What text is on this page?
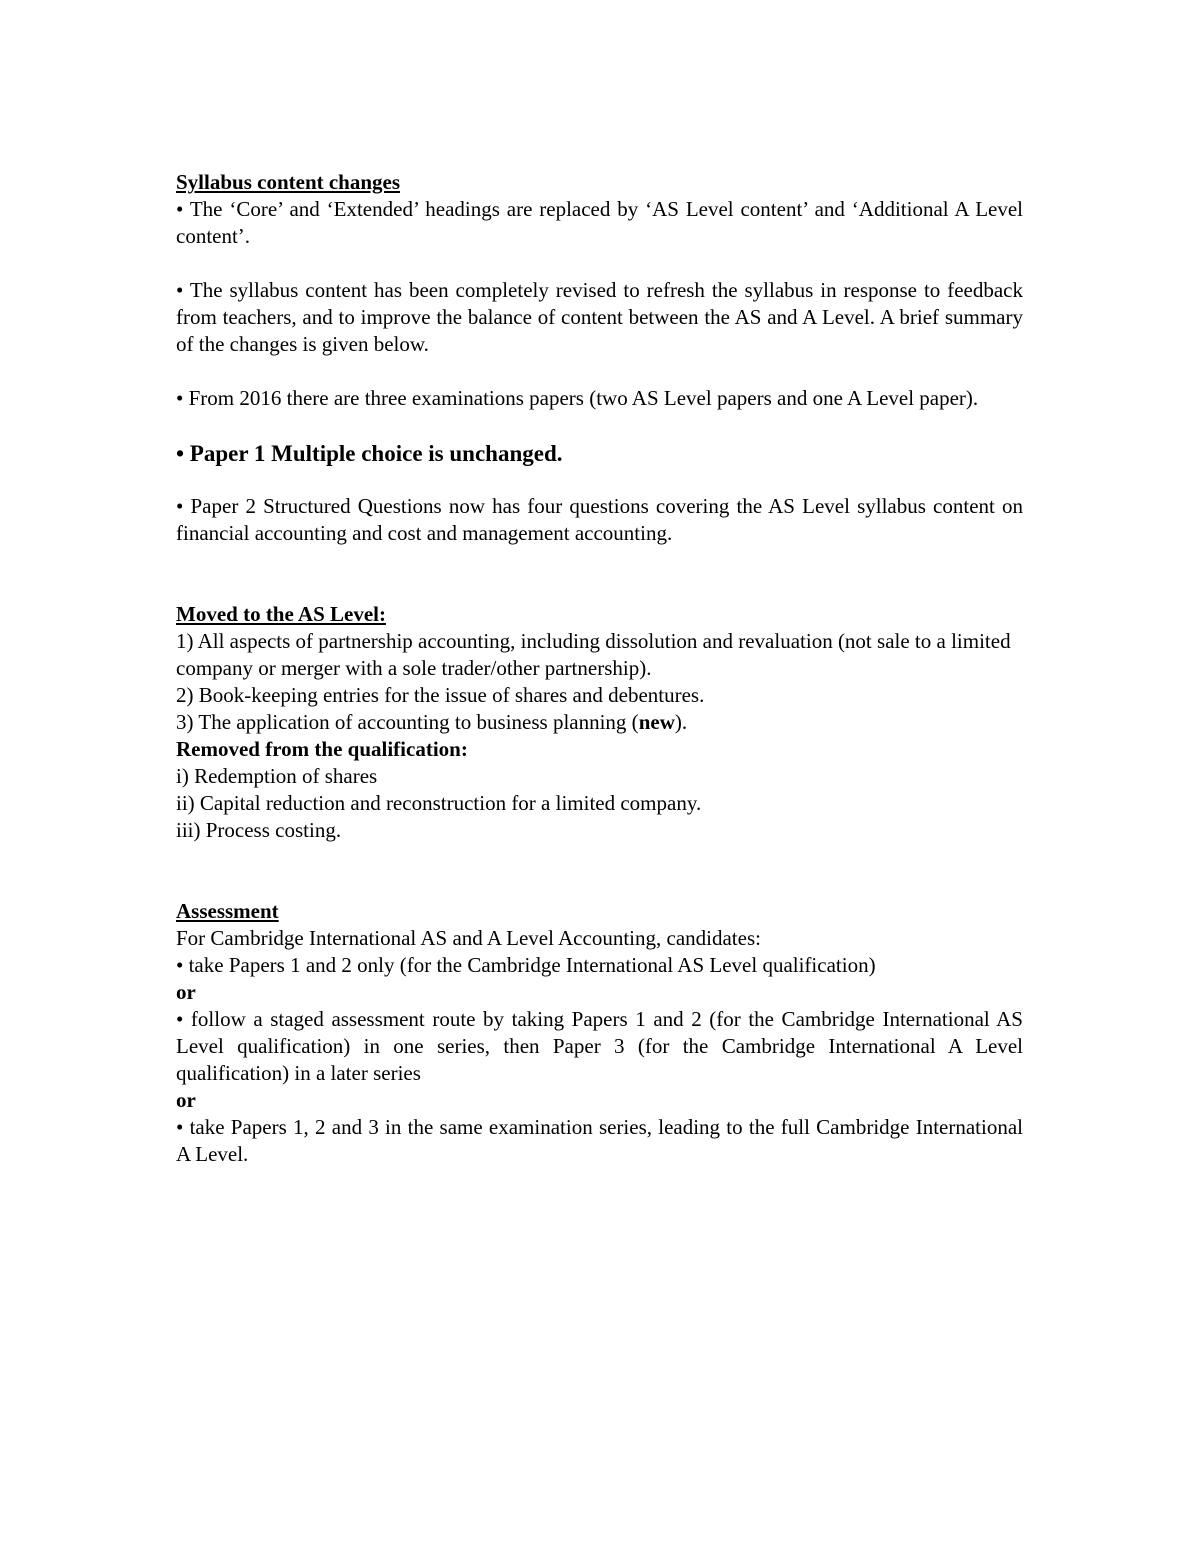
Syllabus content changes

• The ‘Core’ and ‘Extended’ headings are replaced by ‘AS Level content’ and ‘Additional A Level content’.

• The syllabus content has been completely revised to refresh the syllabus in response to feedback from teachers, and to improve the balance of content between the AS and A Level. A brief summary of the changes is given below.

• From 2016 there are three examinations papers (two AS Level papers and one A Level paper).

• Paper 1 Multiple choice is unchanged.

• Paper 2 Structured Questions now has four questions covering the AS Level syllabus content on financial accounting and cost and management accounting.

Moved to the AS Level:

1) All aspects of partnership accounting, including dissolution and revaluation (not sale to a limited    company or merger with a sole trader/other partnership).

2) Book-keeping entries for the issue of shares and debentures.

3) The application of accounting to business planning (new).

Removed from the qualification:

i) Redemption of shares

ii) Capital reduction and reconstruction for a limited company.

iii) Process costing.

Assessment

For Cambridge International AS and A Level Accounting, candidates:

• take Papers 1 and 2 only (for the Cambridge International AS Level qualification)

or

• follow a staged assessment route by taking Papers 1 and 2 (for the Cambridge International AS Level qualification) in one series, then Paper 3 (for the Cambridge International A Level qualification) in a later series

or

• take Papers 1, 2 and 3 in the same examination series, leading to the full Cambridge International A Level.
